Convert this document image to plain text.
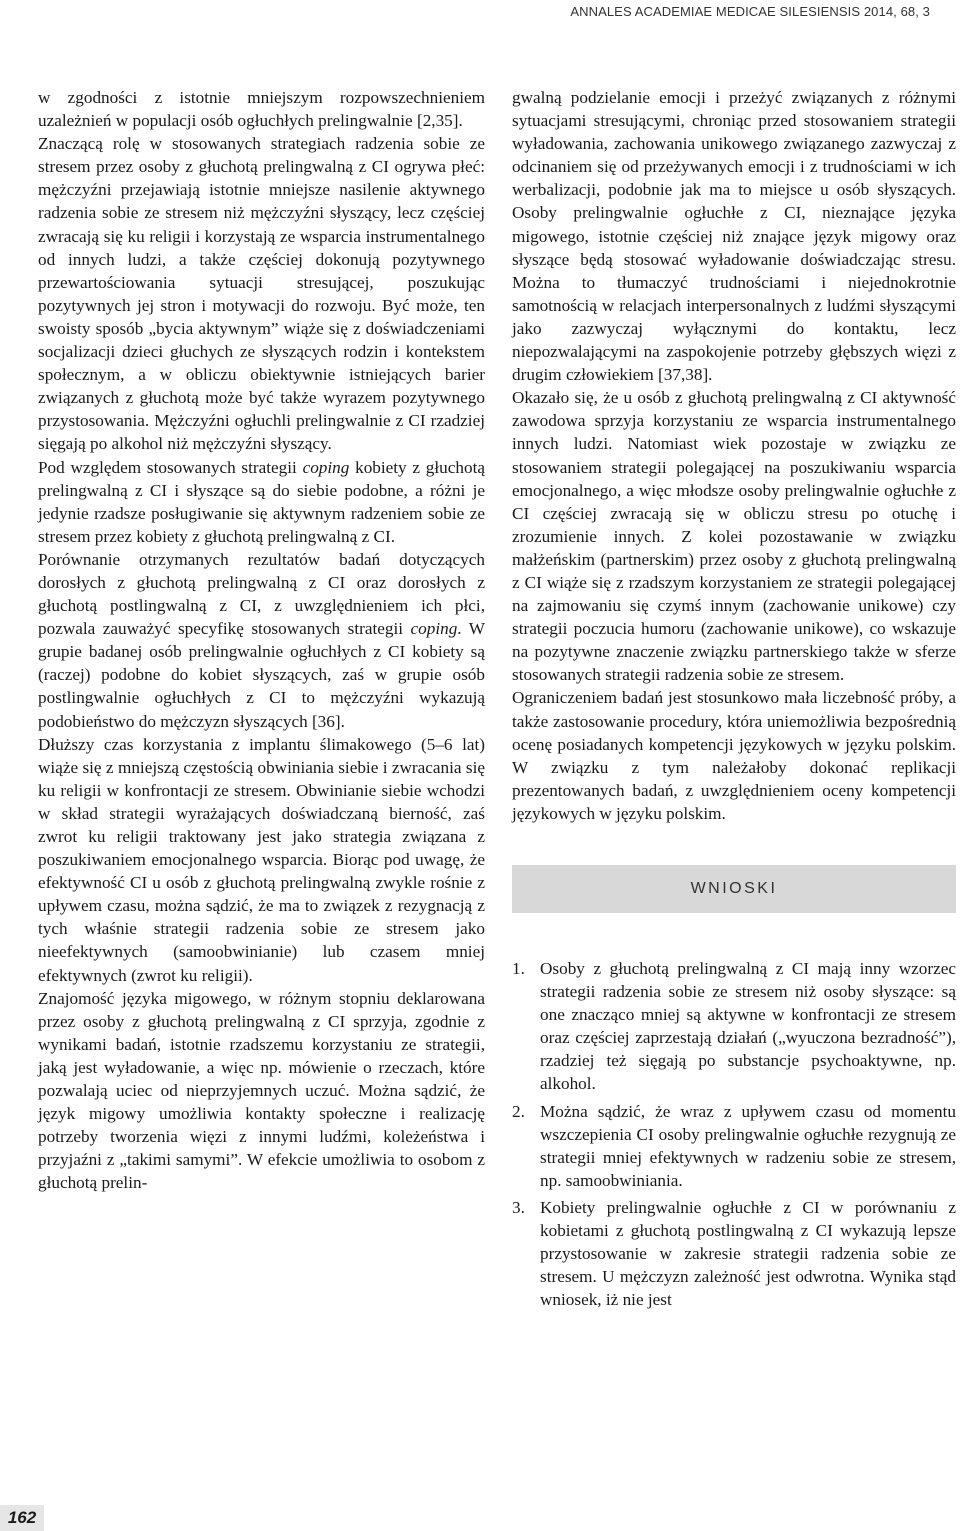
ANNALES ACADEMIAE MEDICAE SILESIENSIS 2014, 68, 3

w zgodności z istotnie mniejszym rozpowszechnieniem uzależnień w populacji osób ogłuchłych prelingwalnie [2,35].

Znaczącą rolę w stosowanych strategiach radzenia sobie ze stresem przez osoby z głuchotą prelingwalną z CI ogrywa płeć: mężczyźni przejawiają istotnie mniejsze nasilenie aktywnego radzenia sobie ze stresem niż mężczyźni słyszący, lecz częściej zwracają się ku religii i korzystają ze wsparcia instrumentalnego od innych ludzi, a także częściej dokonują pozytywnego przewartościowania sytuacji stresującej, poszukując pozytywnych jej stron i motywacji do rozwoju. Być może, ten swoisty sposób „bycia aktywnym” wiąże się z doświadczeniami socjalizacji dzieci głuchych ze słyszących rodzin i kontekstem społecznym, a w obliczu obiektywnie istniejących barier związanych z głuchotą może być także wyrazem pozytywnego przystosowania. Mężczyźni ogłuchli prelingwalnie z CI rzadziej sięgają po alkohol niż mężczyźni słyszący.

Pod względem stosowanych strategii coping kobiety z głuchotą prelingwalną z CI i słyszące są do siebie podobne, a różni je jedynie rzadsze posługiwanie się aktywnym radzeniem sobie ze stresem przez kobiety z głuchotą prelingwalną z CI.

Porównanie otrzymanych rezultatów badań dotyczących dorosłych z głuchotą prelingwalną z CI oraz dorosłych z głuchotą postlingwalną z CI, z uwzględnieniem ich płci, pozwala zauważyć specyfikę stosowanych strategii coping. W grupie badanej osób prelingwalnie ogłuchłych z CI kobiety są (raczej) podobne do kobiet słyszących, zaś w grupie osób postlingwalnie ogłuchłych z CI to mężczyźni wykazują podobieństwo do mężczyzn słyszących [36].

Dłuższy czas korzystania z implantu ślimakowego (5–6 lat) wiąże się z mniejszą częstością obwiniania siebie i zwracania się ku religii w konfrontacji ze stresem. Obwinianie siebie wchodzi w skład strategii wyrażających doświadczaną bierność, zaś zwrot ku religii traktowany jest jako strategia związana z poszukiwaniem emocjonalnego wsparcia. Biorąc pod uwagę, że efektywność CI u osób z głuchotą prelingwalną zwykle rośnie z upływem czasu, można sądzić, że ma to związek z rezygnacją z tych właśnie strategii radzenia sobie ze stresem jako nieefektywnych (samoobwinianie) lub czasem mniej efektywnych (zwrot ku religii).

Znajomość języka migowego, w różnym stopniu deklarowana przez osoby z głuchotą prelingwalną z CI sprzyja, zgodnie z wynikami badań, istotnie rzadszemu korzystaniu ze strategii, jaką jest wyładowanie, a więc np. mówienie o rzeczach, które pozwalają uciec od nieprzyjemnych uczuć. Można sądzić, że język migowy umożliwia kontakty społeczne i realizację potrzeby tworzenia więzi z innymi ludźmi, koleżeństwa i przyjaźni z „takimi samymi”. W efekcie umożliwia to osobom z głuchotą prelin-

gwalną podzielanie emocji i przeżyć związanych z różnymi sytuacjami stresującymi, chroniąc przed stosowaniem strategii wyładowania, zachowania unikowego związanego zazwyczaj z odcinaniem się od przeżywanych emocji i z trudnościami w ich werbalizacji, podobnie jak ma to miejsce u osób słyszących. Osoby prelingwalnie ogłuchłe z CI, nieznające języka migowego, istotnie częściej niż znające język migowy oraz słyszące będą stosować wyładowanie doświadczając stresu. Można to tłumaczyć trudnościami i niejednokrotnie samotnością w relacjach interpersonalnych z ludźmi słyszącymi jako zazwyczaj wyłącznymi do kontaktu, lecz niepozwalającymi na zaspokojenie potrzeby głębszych więzi z drugim człowiekiem [37,38].

Okazało się, że u osób z głuchotą prelingwalną z CI aktywność zawodowa sprzyja korzystaniu ze wsparcia instrumentalnego innych ludzi. Natomiast wiek pozostaje w związku ze stosowaniem strategii polegającej na poszukiwaniu wsparcia emocjonalnego, a więc młodsze osoby prelingwalnie ogłuchłe z CI częściej zwracają się w obliczu stresu po otuchę i zrozumienie innych. Z kolei pozostawanie w związku małżeńskim (partnerskim) przez osoby z głuchotą prelingwalną z CI wiąże się z rzadszym korzystaniem ze strategii polegającej na zajmowaniu się czymś innym (zachowanie unikowe) czy strategii poczucia humoru (zachowanie unikowe), co wskazuje na pozytywne znaczenie związku partnerskiego także w sferze stosowanych strategii radzenia sobie ze stresem.

Ograniczeniem badań jest stosunkowo mała liczebność próby, a także zastosowanie procedury, która uniemożliwia bezpośrednią ocenę posiadanych kompetencji językowych w języku polskim. W związku z tym należałoby dokonać replikacji prezentowanych badań, z uwzględnieniem oceny kompetencji językowych w języku polskim.

WNIOSKI
1. Osoby z głuchotą prelingwalną z CI mają inny wzorzec strategii radzenia sobie ze stresem niż osoby słyszące: są one znacząco mniej są aktywne w konfrontacji ze stresem oraz częściej zaprzestają działań („wyuczona bezradność”), rzadziej też sięgają po substancje psychoaktywne, np. alkohol.
2. Można sądzić, że wraz z upływem czasu od momentu wszczepienia CI osoby prelingwalnie ogłuchłe rezygnują ze strategii mniej efektywnych w radzeniu sobie ze stresem, np. samoobwiniania.
3. Kobiety prelingwalnie ogłuchłe z CI w porównaniu z kobietami z głuchotą postlingwalną z CI wykazują lepsze przystosowanie w zakresie strategii radzenia sobie ze stresem. U mężczyzn zależność jest odwrotna. Wynika stąd wniosek, iż nie jest
162
